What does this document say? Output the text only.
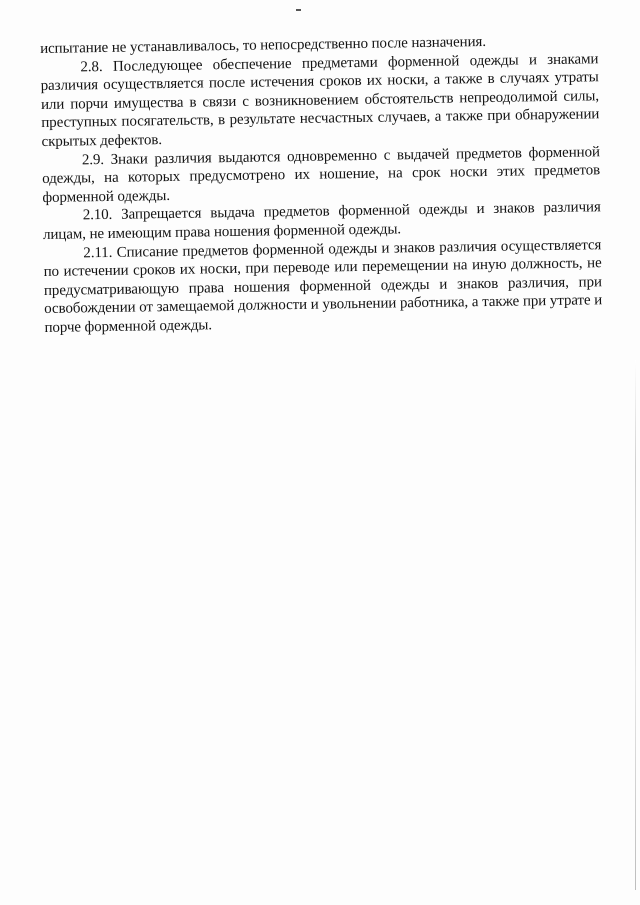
испытание не устанавливалось, то непосредственно после назначения.

2.8. Последующее обеспечение предметами форменной одежды и знаками различия осуществляется после истечения сроков их носки, а также в случаях утраты или порчи имущества в связи с возникновением обстоятельств непреодолимой силы, преступных посягательств, в результате несчастных случаев, а также при обнаружении скрытых дефектов.

2.9. Знаки различия выдаются одновременно с выдачей предметов форменной одежды, на которых предусмотрено их ношение, на срок носки этих предметов форменной одежды.

2.10. Запрещается выдача предметов форменной одежды и знаков различия лицам, не имеющим права ношения форменной одежды.

2.11. Списание предметов форменной одежды и знаков различия осуществляется по истечении сроков их носки, при переводе или перемещении на иную должность, не предусматривающую права ношения форменной одежды и знаков различия, при освобождении от замещаемой должности и увольнении работника, а также при утрате и порче форменной одежды.
